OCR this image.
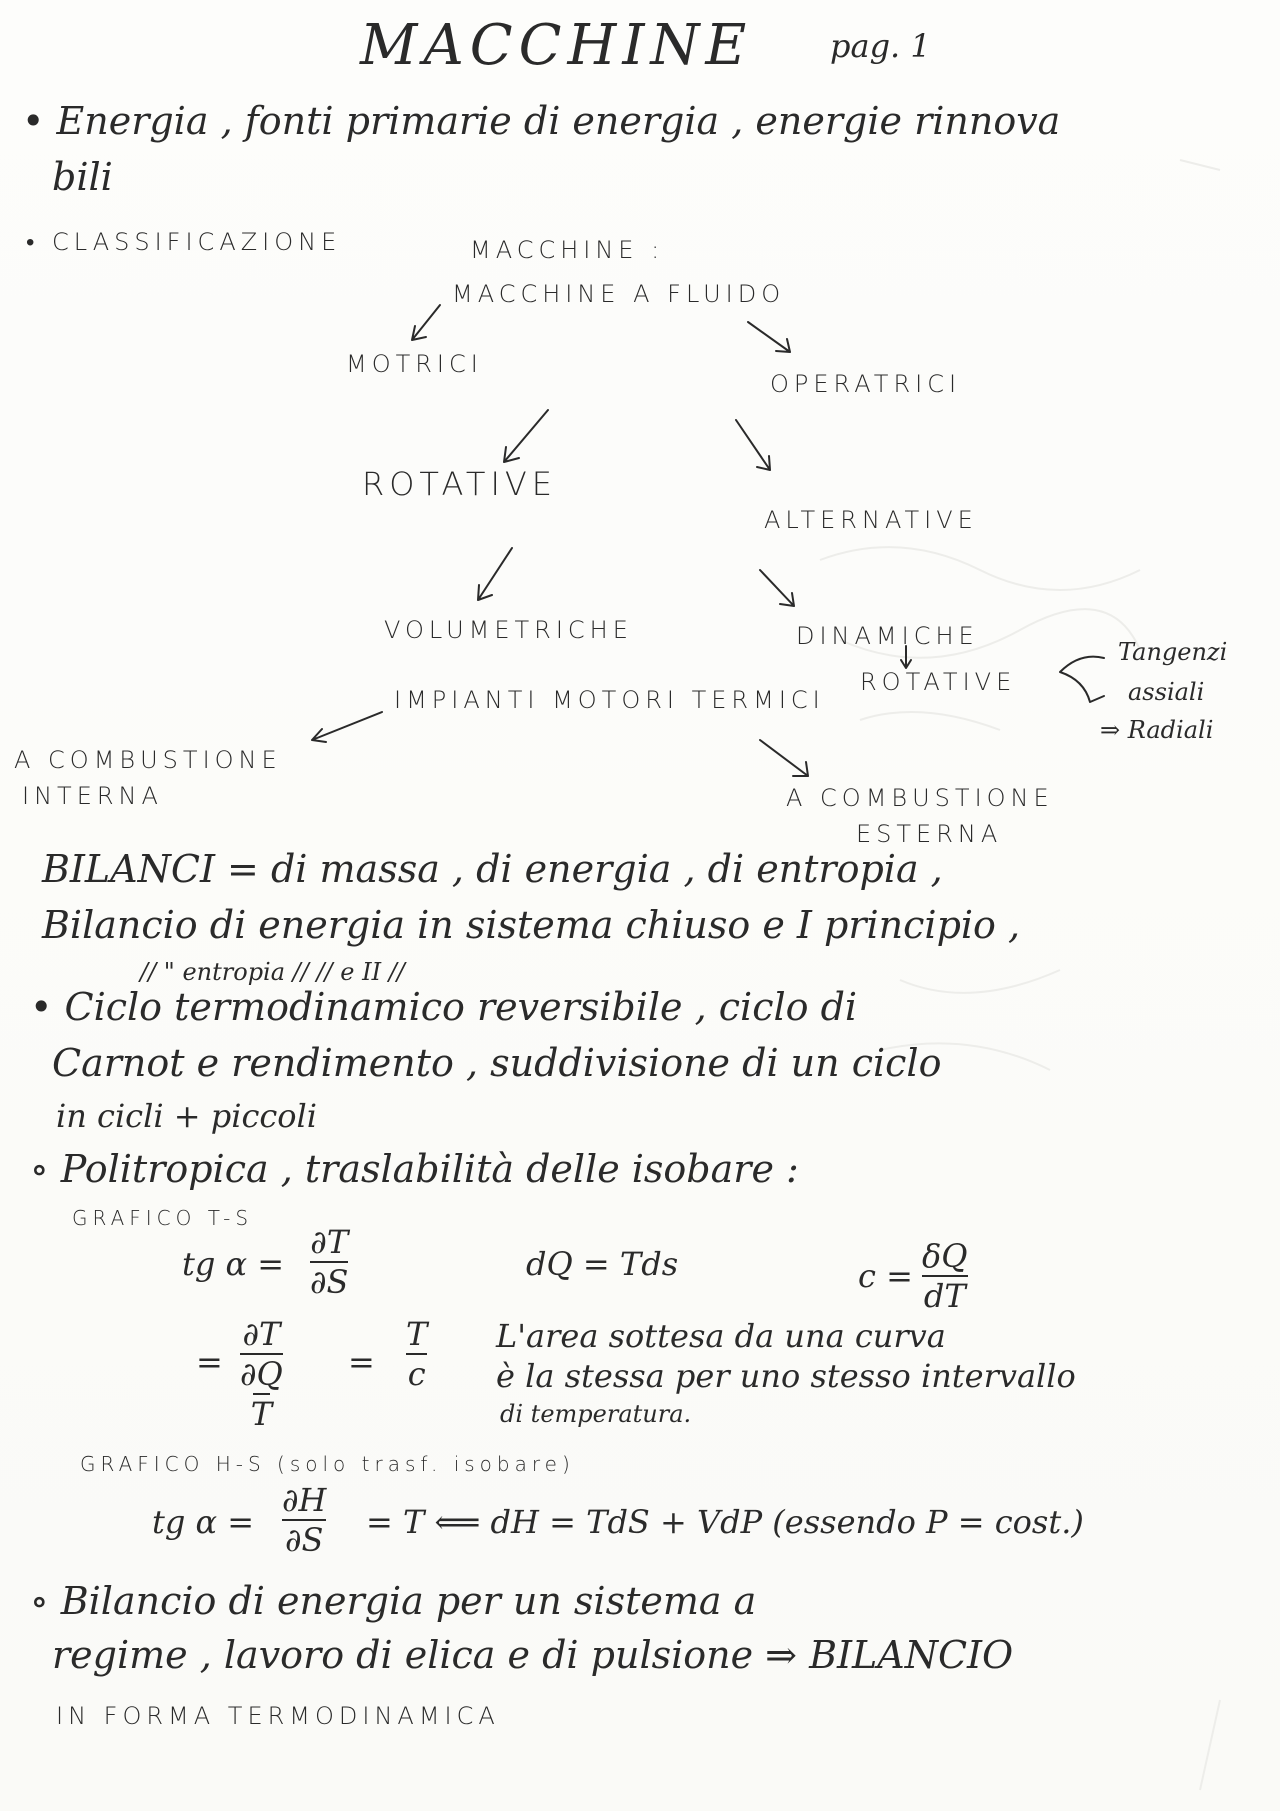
MACCHINE pag. 1
• Energia , fonti primarie di energia , energie rinnova
bili
• CLASSIFICAZIONE	MACCHINE :
MACCHINE A FLUIDO
MOTRICI
OPERATRICI
ROTATIVE
ALTERNATIVE
VOLUMETRICHE	DINAMICHE
ROTATIVE
Tangenzi
assiali
⇒ Radiali
IMPIANTI MOTORI TERMICI
A COMBUSTIONE
INTERNA	A COMBUSTIONE
ESTERNA
BILANCI = di massa , di energia , di entropia ,
Bilancio di energia in sistema chiuso e I principio ,
// " entropia // // e II //
• Ciclo termodinamico reversibile , ciclo di
Carnot e rendimento , suddivisione di un ciclo
in cicli + piccoli
∘ Politropica , traslabilità delle isobare :
GRAFICO T-S
tg α =
∂T
∂S	dQ = Tds	c =
δQ
dT
=
∂T
∂Q
T
=
T
c
L'area sottesa da una curva
è la stessa per uno stesso intervallo
di temperatura.
GRAFICO H-S (solo trasf. isobare)
tg α =
∂H
∂S = T ⟸ dH = TdS + VdP (essendo P = cost.)
∘ Bilancio di energia per un sistema a
regime , lavoro di elica e di pulsione ⇒ BILANCIO
IN FORMA TERMODINAMICA
